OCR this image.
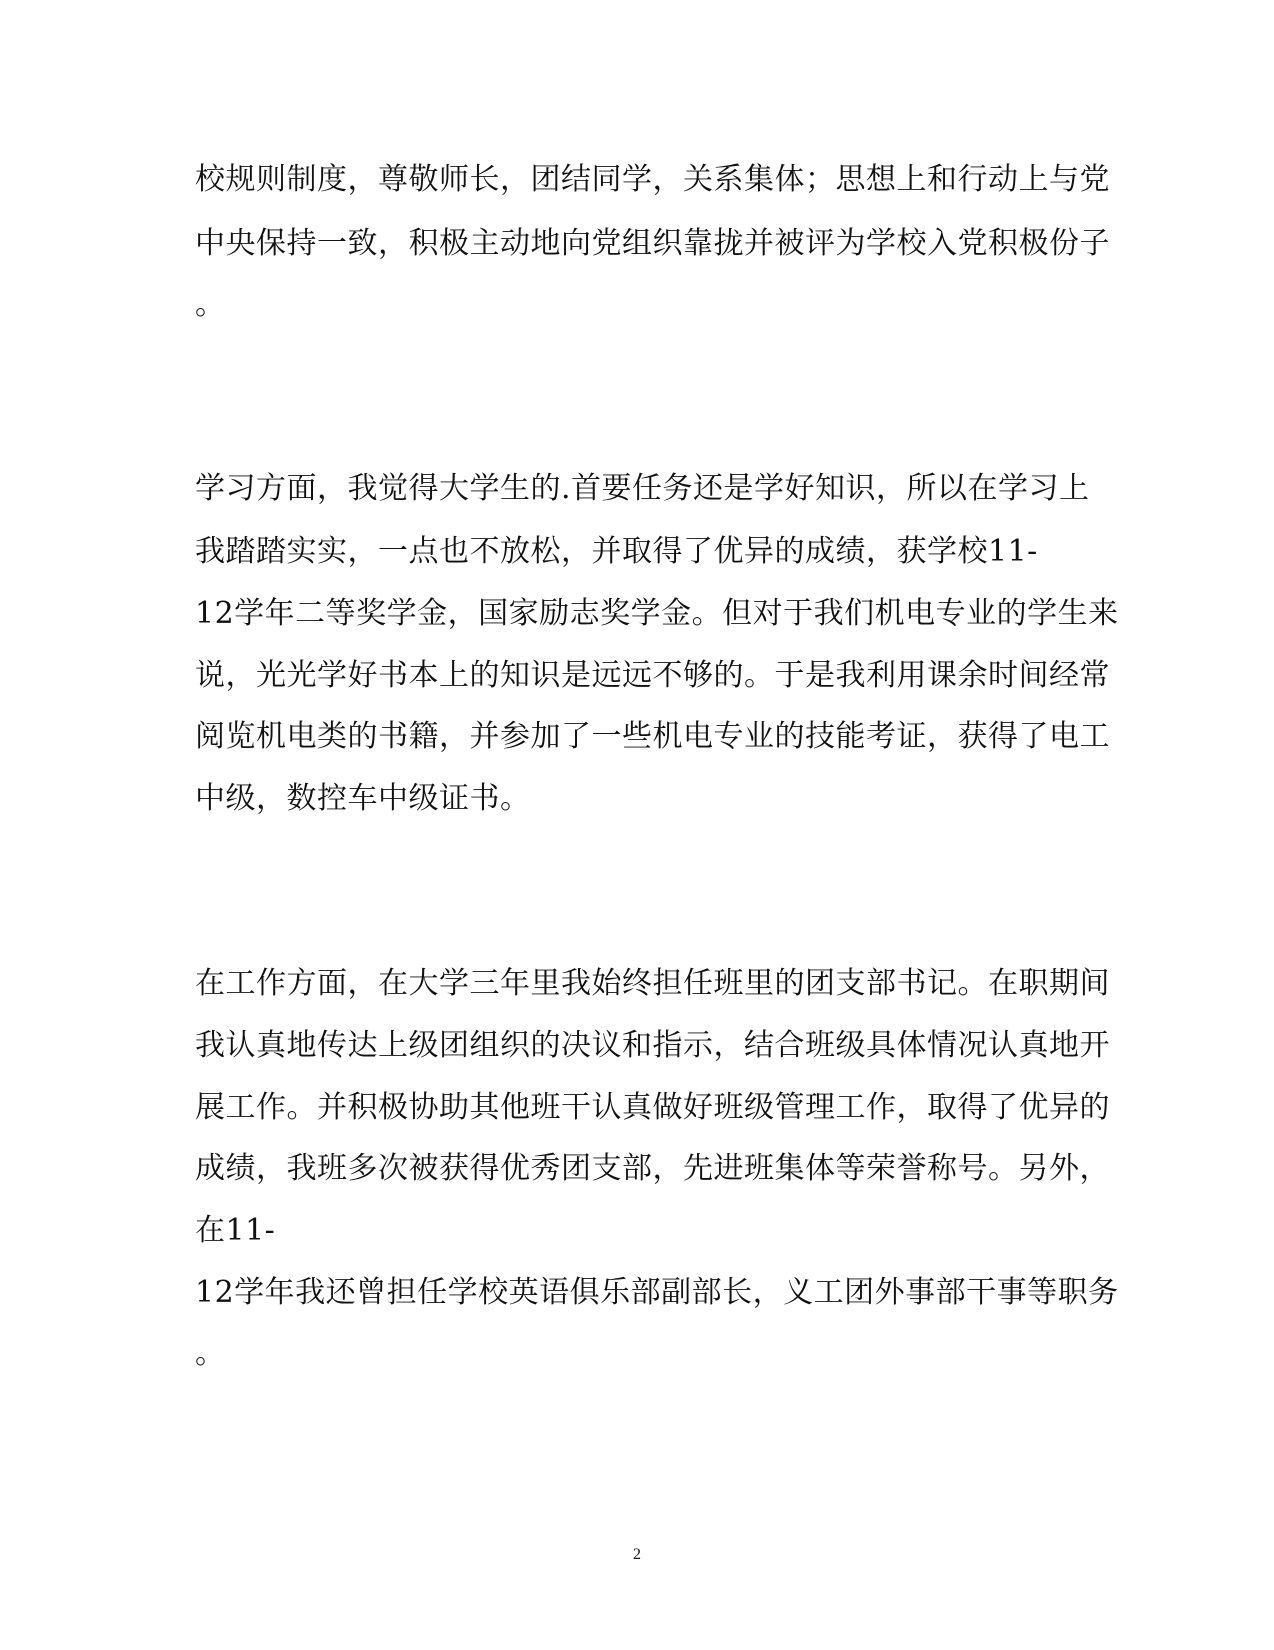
校规则制度，尊敬师长，团结同学，关系集体；思想上和行动上与党
中央保持一致，积极主动地向党组织靠拢并被评为学校入党积极份子
。
学习方面，我觉得大学生的.首要任务还是学好知识，所以在学习上
我踏踏实实，一点也不放松，并取得了优异的成绩，获学校11-
12学年二等奖学金，国家励志奖学金。但对于我们机电专业的学生来
说，光光学好书本上的知识是远远不够的。于是我利用课余时间经常
阅览机电类的书籍，并参加了一些机电专业的技能考证，获得了电工
中级，数控车中级证书。
在工作方面，在大学三年里我始终担任班里的团支部书记。在职期间
我认真地传达上级团组织的决议和指示，结合班级具体情况认真地开
展工作。并积极协助其他班干认真做好班级管理工作，取得了优异的
成绩，我班多次被获得优秀团支部，先进班集体等荣誉称号。另外，
在11-
12学年我还曾担任学校英语俱乐部副部长，义工团外事部干事等职务
。
2
